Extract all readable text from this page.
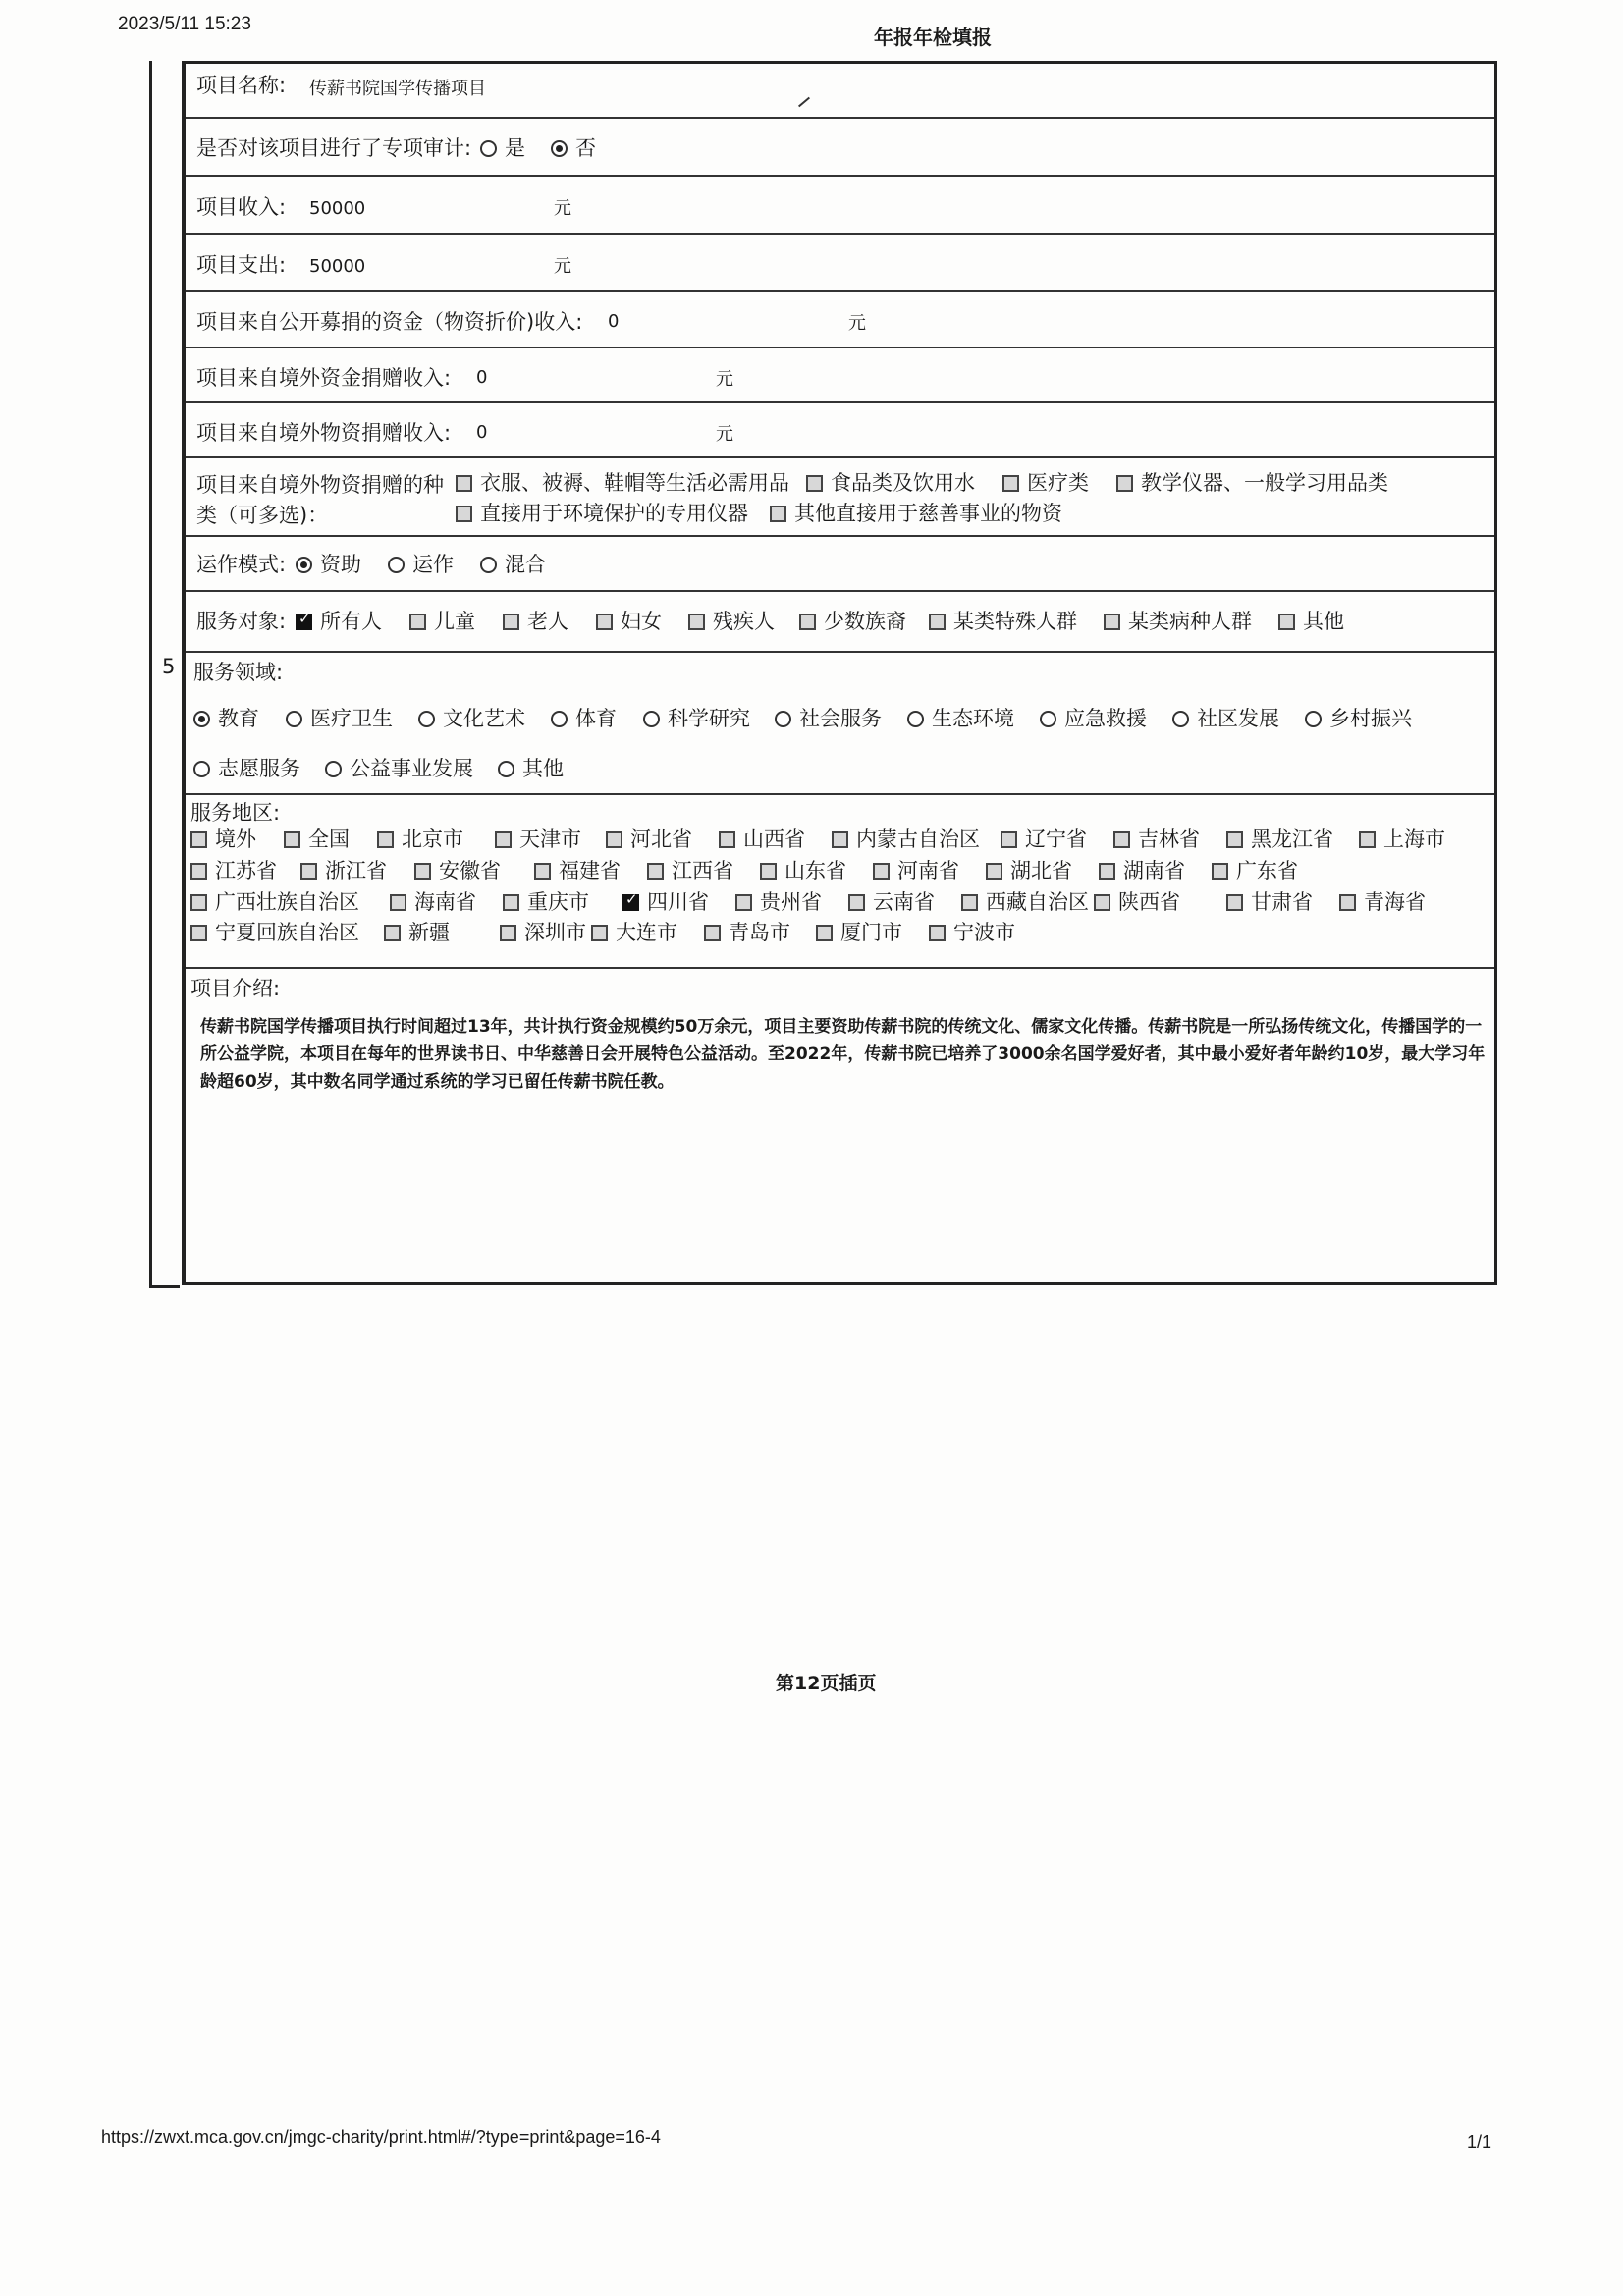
2023/5/11 15:23
年报年检填报
5
项目名称: 传薪书院国学传播项目
是否对该项目进行了专项审计:	是	否
项目收入: 50000	元
项目支出: 50000	元
项目来自公开募捐的资金（物资折价)收入: 0	元
项目来自境外资金捐赠收入: 0	元
项目来自境外物资捐赠收入: 0	元
项目来自境外物资捐赠的种
类（可多选)：
衣服、被褥、鞋帽等生活必需用品	食品类及饮用水	医疗类	教学仪器、一般学习用品类
直接用于环境保护的专用仪器	其他直接用于慈善事业的物资
运作模式:	资助	运作	混合
服务对象: ✓	所有人	儿童	老人	妇女	残疾人	少数族裔	某类特殊人群	某类病种人群	其他
服务领域:
教育	医疗卫生	文化艺术	体育	科学研究	社会服务	生态环境	应急救援	社区发展	乡村振兴
志愿服务	公益事业发展	其他
服务地区:
境外	全国	北京市	天津市	河北省	山西省	内蒙古自治区	辽宁省	吉林省	黑龙江省	上海市
江苏省	浙江省	安徽省	福建省	江西省	山东省	河南省	湖北省	湖南省	广东省
广西壮族自治区	海南省	重庆市 ✓	四川省	贵州省	云南省	西藏自治区	陕西省	甘肃省	青海省
宁夏回族自治区	新疆	深圳市	大连市	青岛市	厦门市	宁波市
项目介绍:
传薪书院国学传播项目执行时间超过13年，共计执行资金规模约50万余元，项目主要资助传薪书院的传统文化、儒家文化传播。传薪书院是一所弘扬传统文化，传播国学的一所公益学院，本项目在每年的世界读书日、中华慈善日会开展特色公益活动。至2022年，传薪书院已培养了3000余名国学爱好者，其中最小爱好者年龄约10岁，最大学习年龄超60岁，其中数名同学通过系统的学习已留任传薪书院任教。
第12页插页
https://zwxt.mca.gov.cn/jmgc-charity/print.html#/?type=print&page=16-4	1/1
